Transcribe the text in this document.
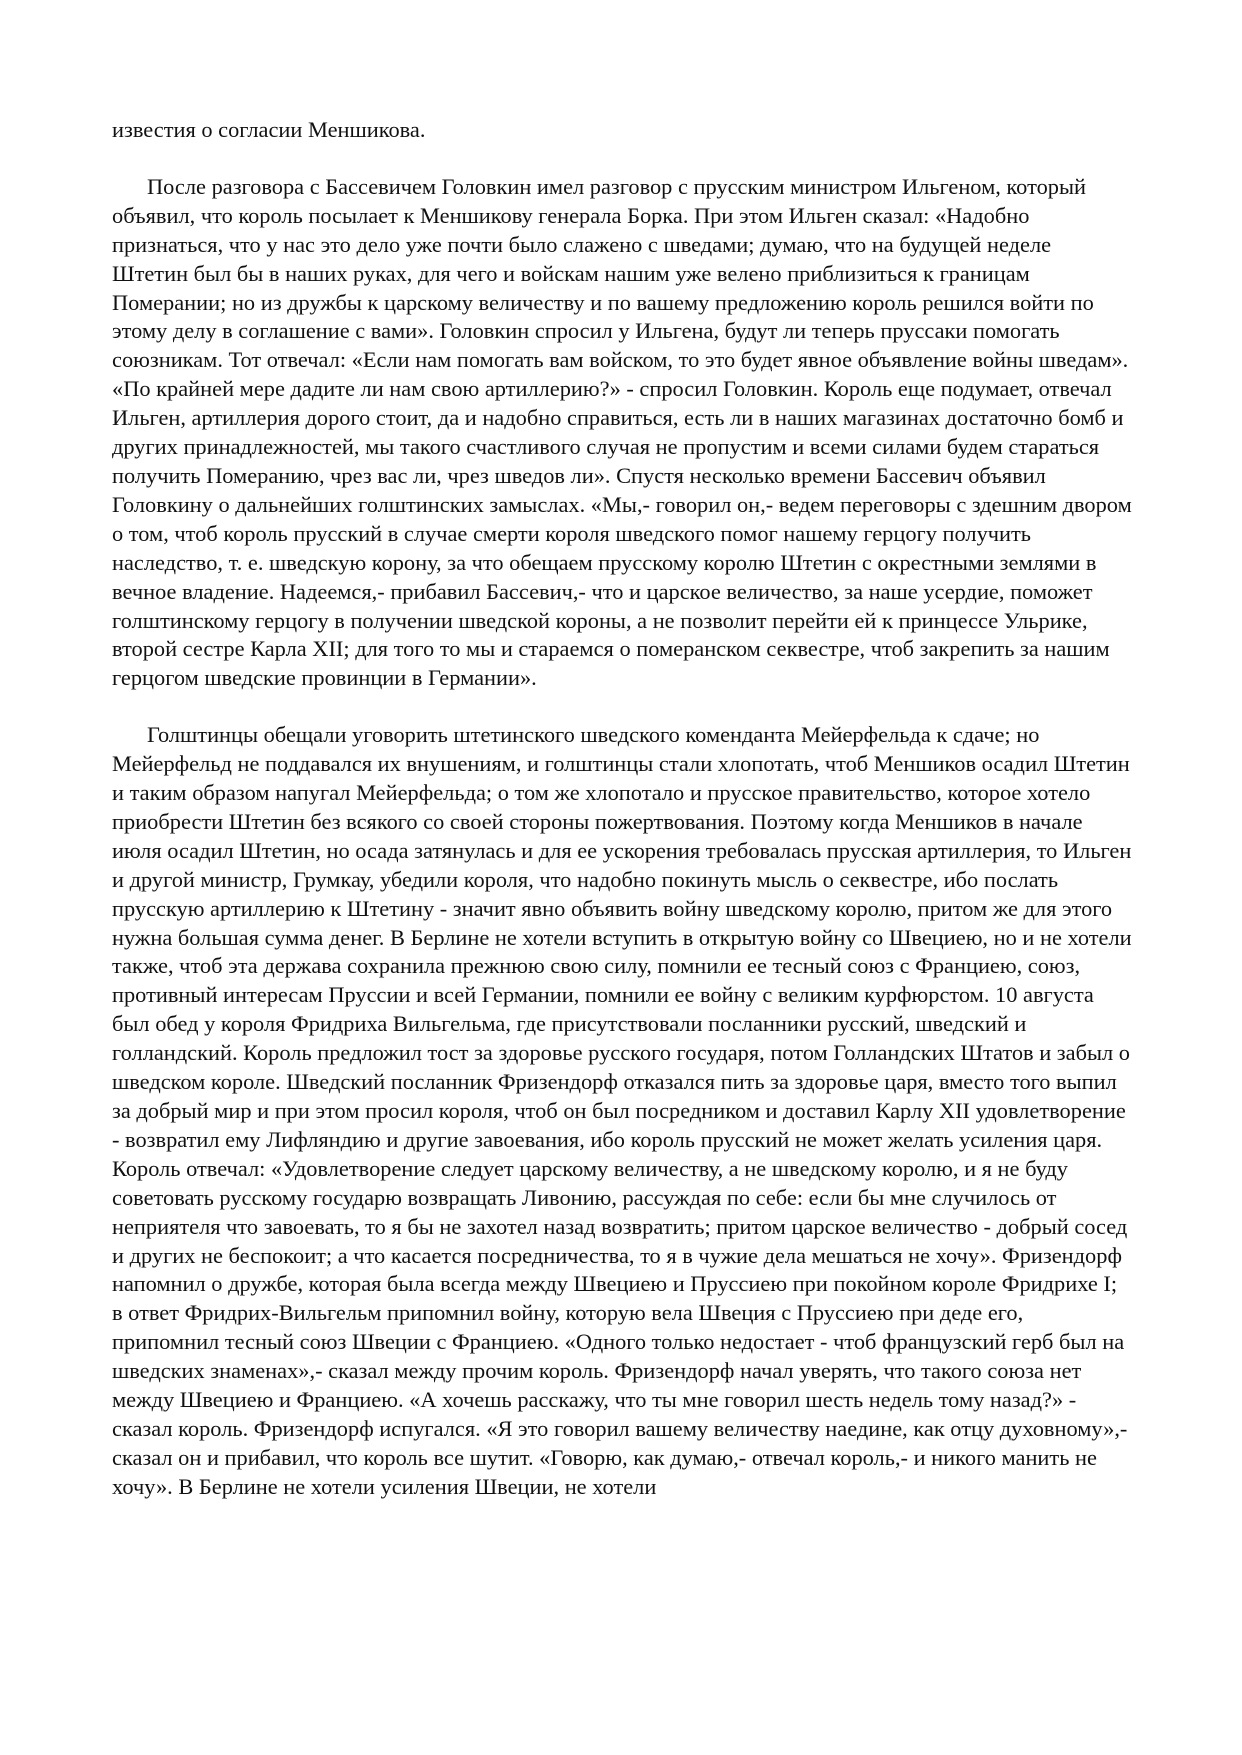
известия о согласии Меншикова.

После разговора с Бассевичем Головкин имел разговор с прусским министром Ильгеном, который объявил, что король посылает к Меншикову генерала Борка. При этом Ильген сказал: «Надобно признаться, что у нас это дело уже почти было слажено с шведами; думаю, что на будущей неделе Штетин был бы в наших руках, для чего и войскам нашим уже велено приблизиться к границам Померании; но из дружбы к царскому величеству и по вашему предложению король решился войти по этому делу в соглашение с вами». Головкин спросил у Ильгена, будут ли теперь пруссаки помогать союзникам. Тот отвечал: «Если нам помогать вам войском, то это будет явное объявление войны шведам». «По крайней мере дадите ли нам свою артиллерию?» - спросил Головкин. Король еще подумает, отвечал Ильген, артиллерия дорого стоит, да и надобно справиться, есть ли в наших магазинах достаточно бомб и других принадлежностей, мы такого счастливого случая не пропустим и всеми силами будем стараться получить Померанию, чрез вас ли, чрез шведов ли». Спустя несколько времени Бассевич объявил Головкину о дальнейших голштинских замыслах. «Мы,- говорил он,- ведем переговоры с здешним двором о том, чтоб король прусский в случае смерти короля шведского помог нашему герцогу получить наследство, т. е. шведскую корону, за что обещаем прусскому королю Штетин с окрестными землями в вечное владение. Надеемся,- прибавил Бассевич,- что и царское величество, за наше усердие, поможет голштинскому герцогу в получении шведской короны, а не позволит перейти ей к принцессе Ульрике, второй сестре Карла XII; для того то мы и стараемся о померанском секвестре, чтоб закрепить за нашим герцогом шведские провинции в Германии».

Голштинцы обещали уговорить штетинского шведского коменданта Мейерфельда к сдаче; но Мейерфельд не поддавался их внушениям, и голштинцы стали хлопотать, чтоб Меншиков осадил Штетин и таким образом напугал Мейерфельда; о том же хлопотало и прусское правительство, которое хотело приобрести Штетин без всякого со своей стороны пожертвования. Поэтому когда Меншиков в начале июля осадил Штетин, но осада затянулась и для ее ускорения требовалась прусская артиллерия, то Ильген и другой министр, Грумкау, убедили короля, что надобно покинуть мысль о секвестре, ибо послать прусскую артиллерию к Штетину - значит явно объявить войну шведскому королю, притом же для этого нужна большая сумма денег. В Берлине не хотели вступить в открытую войну со Швециею, но и не хотели также, чтоб эта держава сохранила прежнюю свою силу, помнили ее тесный союз с Франциею, союз, противный интересам Пруссии и всей Германии, помнили ее войну с великим курфюрстом. 10 августа был обед у короля Фридриха Вильгельма, где присутствовали посланники русский, шведский и голландский. Король предложил тост за здоровье русского государя, потом Голландских Штатов и забыл о шведском короле. Шведский посланник Фризендорф отказался пить за здоровье царя, вместо того выпил за добрый мир и при этом просил короля, чтоб он был посредником и доставил Карлу XII удовлетворение - возвратил ему Лифляндию и другие завоевания, ибо король прусский не может желать усиления царя. Король отвечал: «Удовлетворение следует царскому величеству, а не шведскому королю, и я не буду советовать русскому государю возвращать Ливонию, рассуждая по себе: если бы мне случилось от неприятеля что завоевать, то я бы не захотел назад возвратить; притом царское величество - добрый сосед и других не беспокоит; а что касается посредничества, то я в чужие дела мешаться не хочу». Фризендорф напомнил о дружбе, которая была всегда между Швециею и Пруссиею при покойном короле Фридрихе I; в ответ Фридрих-Вильгельм припомнил войну, которую вела Швеция с Пруссиею при деде его, припомнил тесный союз Швеции с Франциею. «Одного только недостает - чтоб французский герб был на шведских знаменах»,- сказал между прочим король. Фризендорф начал уверять, что такого союза нет между Швециею и Франциею. «А хочешь расскажу, что ты мне говорил шесть недель тому назад?» - сказал король. Фризендорф испугался. «Я это говорил вашему величеству наедине, как отцу духовному»,- сказал он и прибавил, что король все шутит. «Говорю, как думаю,- отвечал король,- и никого манить не хочу». В Берлине не хотели усиления Швеции, не хотели
